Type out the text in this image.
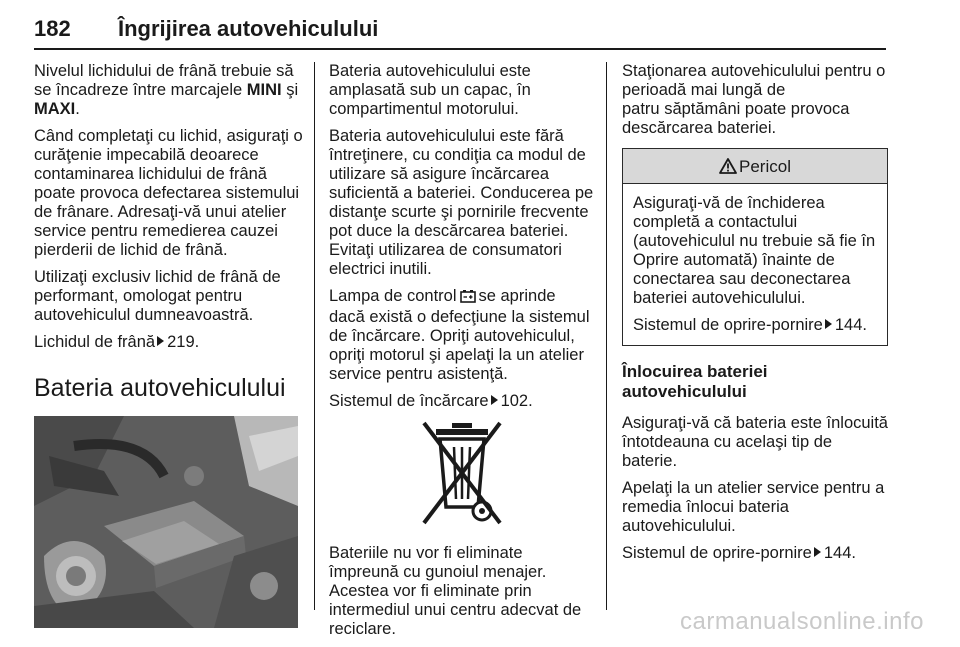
182 Îngrijirea autovehiculului

Nivelul lichidului de frână trebuie să se încadreze între marcajele MINI şi MAXI.

Când completaţi cu lichid, asiguraţi o curăţenie impecabilă deoarece contaminarea lichidului de frână poate provoca defectarea sistemului de frânare. Adresaţi-vă unui atelier service pentru remedierea cauzei pierderii de lichid de frână.

Utilizaţi exclusiv lichid de frână de performant, omologat pentru autovehiculul dumneavoastră.

Lichidul de frână 219.

Bateria autovehiculului

Bateria autovehiculului este amplasată sub un capac, în compartimentul motorului.

Bateria autovehiculului este fără întreţinere, cu condiţia ca modul de utilizare să asigure încărcarea suficientă a bateriei. Conducerea pe distanţe scurte şi pornirile frecvente pot duce la descărcarea bateriei. Evitaţi utilizarea de consumatori electrici inutili.

Lampa de control se aprinde dacă există o defecţiune la sistemul de încărcare. Opriţi autovehiculul, opriţi motorul şi apelaţi la un atelier service pentru asistenţă.

Sistemul de încărcare 102.

Bateriile nu vor fi eliminate împreună cu gunoiul menajer. Acestea vor fi eliminate prin intermediul unui centru adecvat de reciclare.

Staţionarea autovehiculului pentru o perioadă mai lungă de
patru săptămâni poate provoca descărcarea bateriei.

Pericol

Asiguraţi-vă de închiderea completă a contactului (autovehiculul nu trebuie să fie în Oprire automată) înainte de conectarea sau deconectarea bateriei autovehiculului.

Sistemul de oprire-pornire 144.

Înlocuirea bateriei autovehiculului

Asiguraţi-vă că bateria este înlocuită întotdeauna cu acelaşi tip de baterie.

Apelaţi la un atelier service pentru a remedia înlocui bateria autovehiculului.

Sistemul de oprire-pornire 144.

carmanualsonline.info
